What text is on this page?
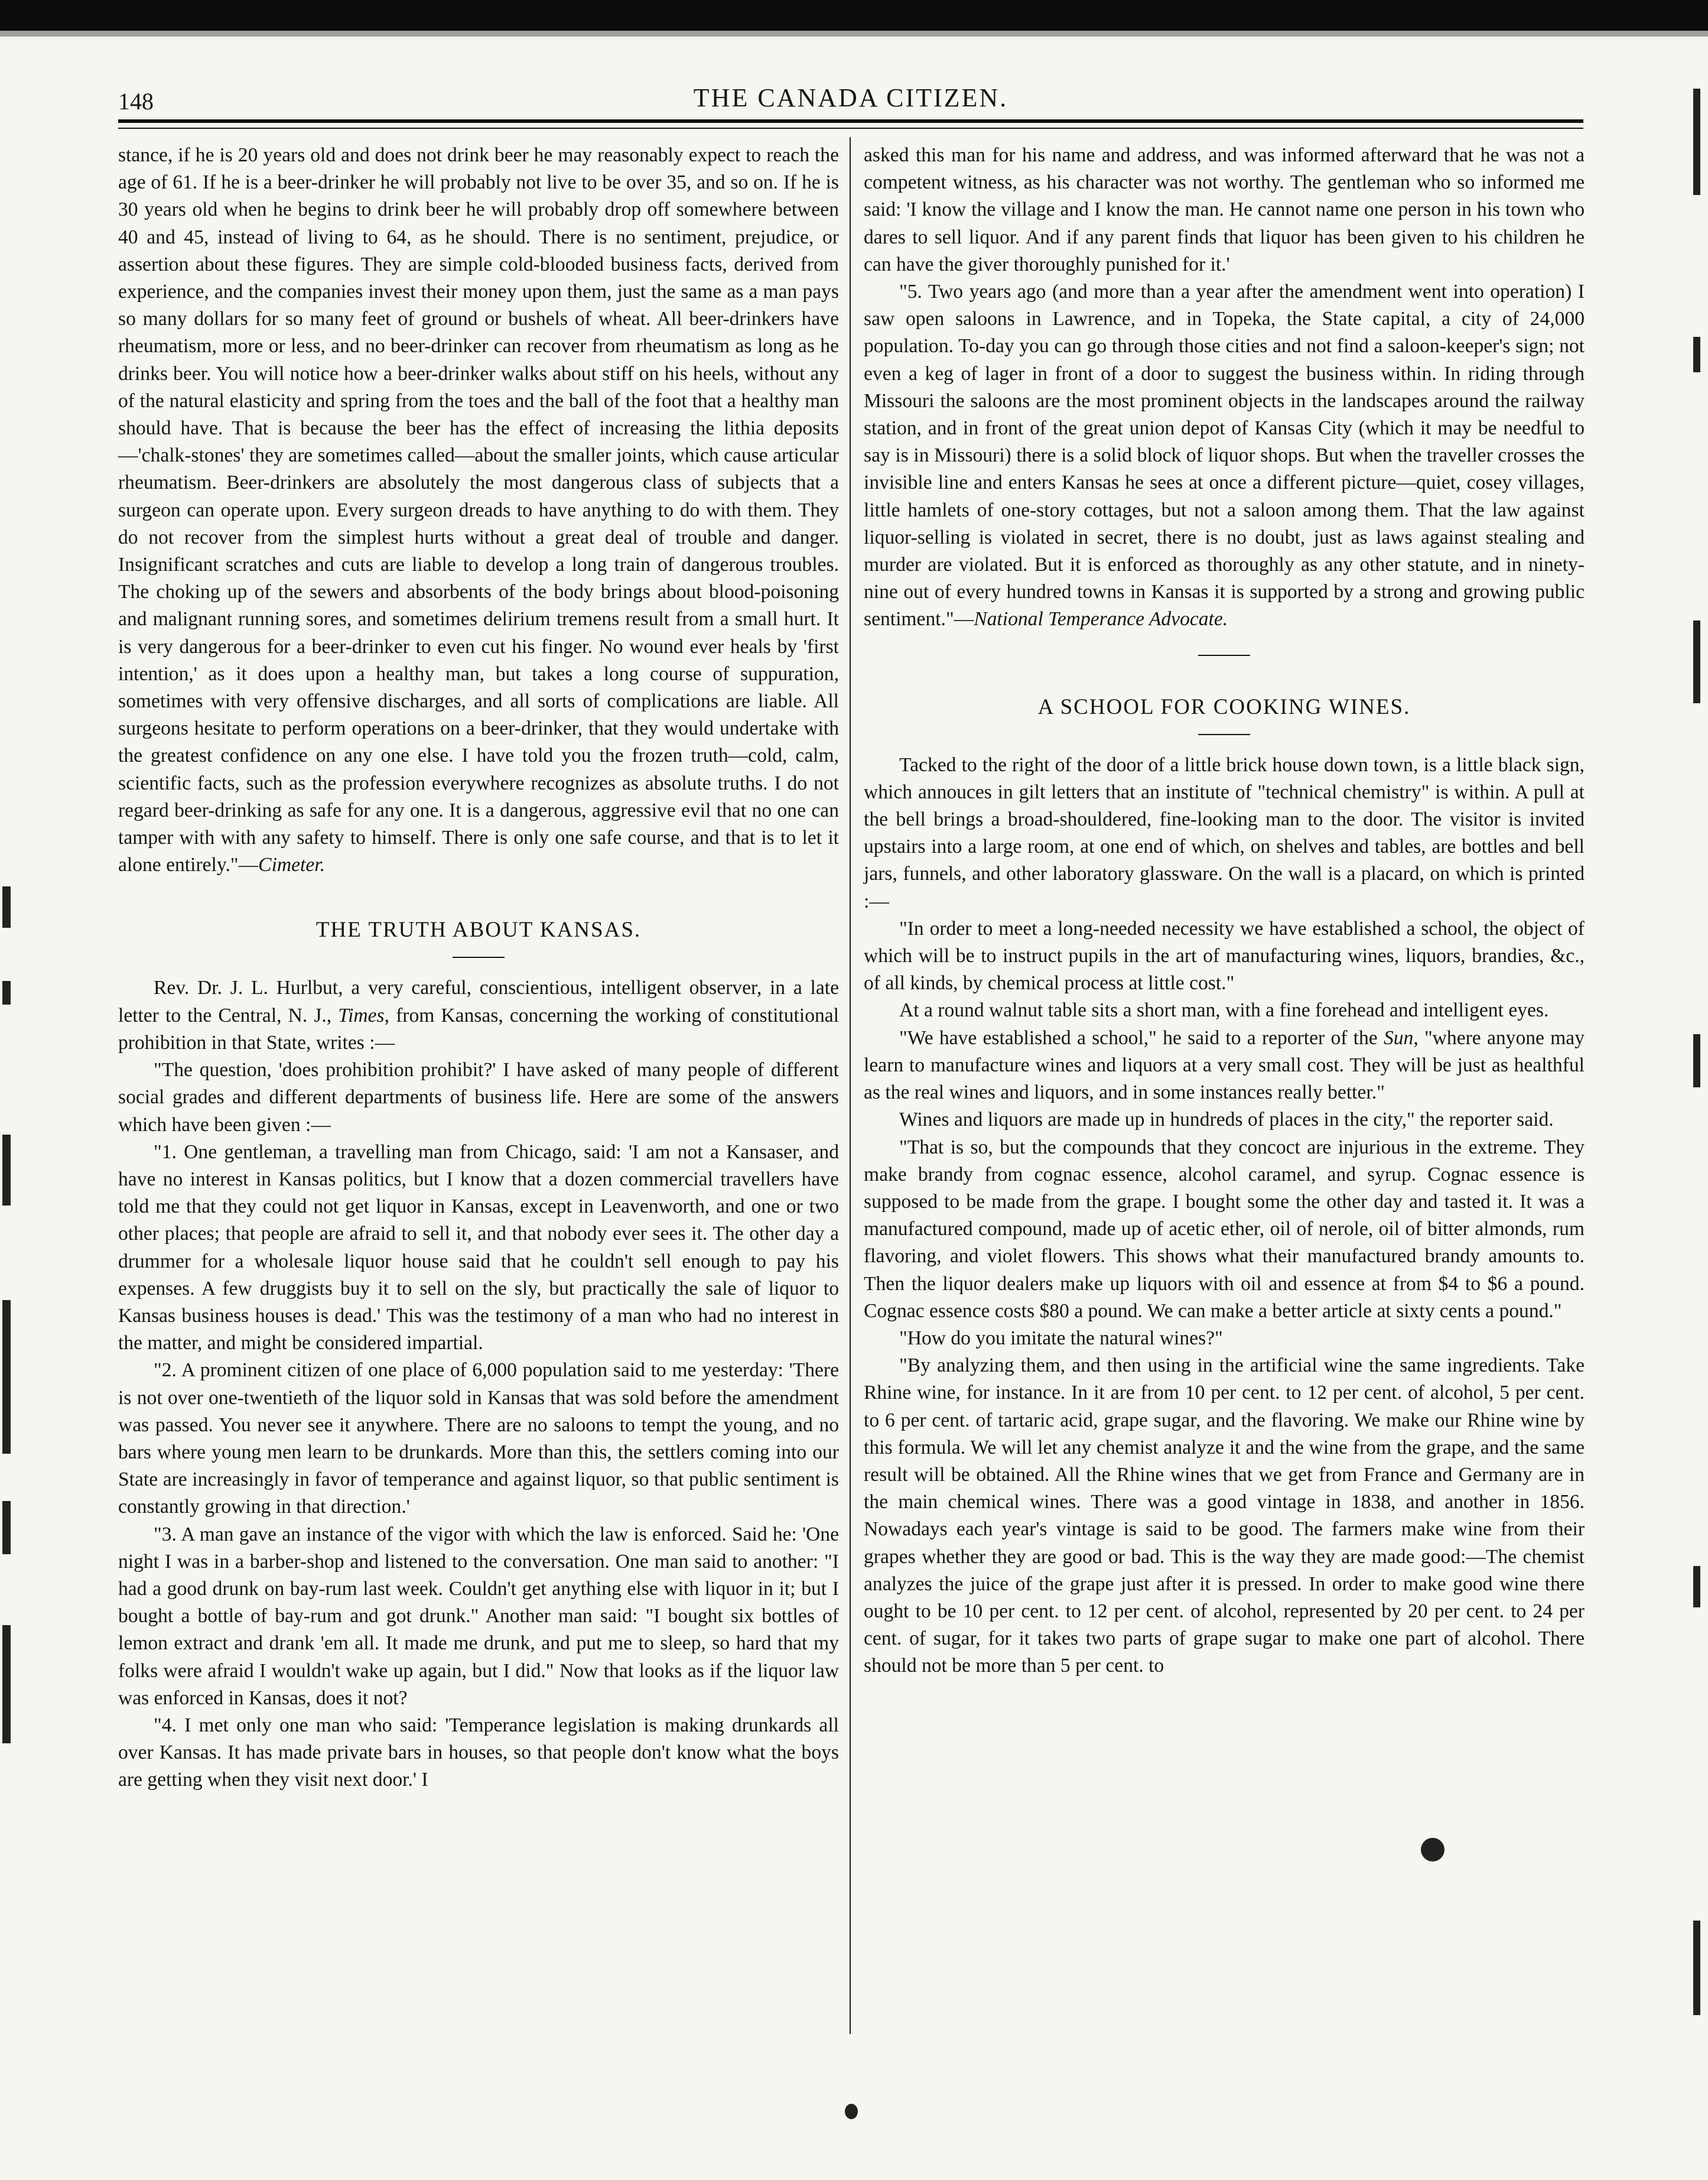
148	THE CANADA CITIZEN.

stance, if he is 20 years old and does not drink beer he may reasonably expect to reach the age of 61. If he is a beer-drinker he will probably not live to be over 35, and so on. If he is 30 years old when he begins to drink beer he will probably drop off somewhere between 40 and 45, instead of living to 64, as he should. There is no sentiment, prejudice, or assertion about these figures. They are simple cold-blooded business facts, derived from experience, and the companies invest their money upon them, just the same as a man pays so many dollars for so many feet of ground or bushels of wheat. All beer-drinkers have rheumatism, more or less, and no beer-drinker can recover from rheumatism as long as he drinks beer. You will notice how a beer-drinker walks about stiff on his heels, without any of the natural elasticity and spring from the toes and the ball of the foot that a healthy man should have. That is because the beer has the effect of increasing the lithia deposits—'chalk-stones' they are sometimes called—about the smaller joints, which cause articular rheumatism. Beer-drinkers are absolutely the most dangerous class of subjects that a surgeon can operate upon. Every surgeon dreads to have anything to do with them. They do not recover from the simplest hurts without a great deal of trouble and danger. Insignificant scratches and cuts are liable to develop a long train of dangerous troubles. The choking up of the sewers and absorbents of the body brings about blood-poisoning and malignant running sores, and sometimes delirium tremens result from a small hurt. It is very dangerous for a beer-drinker to even cut his finger. No wound ever heals by 'first intention,' as it does upon a healthy man, but takes a long course of suppuration, sometimes with very offensive discharges, and all sorts of complications are liable. All surgeons hesitate to perform operations on a beer-drinker, that they would undertake with the greatest confidence on any one else. I have told you the frozen truth—cold, calm, scientific facts, such as the profession everywhere recognizes as absolute truths. I do not regard beer-drinking as safe for any one. It is a dangerous, aggressive evil that no one can tamper with with any safety to himself. There is only one safe course, and that is to let it alone entirely."—Cimeter.

THE TRUTH ABOUT KANSAS.

Rev. Dr. J. L. Hurlbut, a very careful, conscientious, intelligent observer, in a late letter to the Central, N. J., Times, from Kansas, concerning the working of constitutional prohibition in that State, writes :—

"The question, 'does prohibition prohibit?' I have asked of many people of different social grades and different departments of business life. Here are some of the answers which have been given :—

"1. One gentleman, a travelling man from Chicago, said: 'I am not a Kansaser, and have no interest in Kansas politics, but I know that a dozen commercial travellers have told me that they could not get liquor in Kansas, except in Leavenworth, and one or two other places; that people are afraid to sell it, and that nobody ever sees it. The other day a drummer for a wholesale liquor house said that he couldn't sell enough to pay his expenses. A few druggists buy it to sell on the sly, but practically the sale of liquor to Kansas business houses is dead.' This was the testimony of a man who had no interest in the matter, and might be considered impartial.

"2. A prominent citizen of one place of 6,000 population said to me yesterday: 'There is not over one-twentieth of the liquor sold in Kansas that was sold before the amendment was passed. You never see it anywhere. There are no saloons to tempt the young, and no bars where young men learn to be drunkards. More than this, the settlers coming into our State are increasingly in favor of temperance and against liquor, so that public sentiment is constantly growing in that direction.'

"3. A man gave an instance of the vigor with which the law is enforced. Said he: 'One night I was in a barber-shop and listened to the conversation. One man said to another: "I had a good drunk on bay-rum last week. Couldn't get anything else with liquor in it; but I bought a bottle of bay-rum and got drunk." Another man said: "I bought six bottles of lemon extract and drank 'em all. It made me drunk, and put me to sleep, so hard that my folks were afraid I wouldn't wake up again, but I did." Now that looks as if the liquor law was enforced in Kansas, does it not?

"4. I met only one man who said: 'Temperance legislation is making drunkards all over Kansas. It has made private bars in houses, so that people don't know what the boys are getting when they visit next door.' I

asked this man for his name and address, and was informed afterward that he was not a competent witness, as his character was not worthy. The gentleman who so informed me said: 'I know the village and I know the man. He cannot name one person in his town who dares to sell liquor. And if any parent finds that liquor has been given to his children he can have the giver thoroughly punished for it.'

"5. Two years ago (and more than a year after the amendment went into operation) I saw open saloons in Lawrence, and in Topeka, the State capital, a city of 24,000 population. To-day you can go through those cities and not find a saloon-keeper's sign; not even a keg of lager in front of a door to suggest the business within. In riding through Missouri the saloons are the most prominent objects in the landscapes around the railway station, and in front of the great union depot of Kansas City (which it may be needful to say is in Missouri) there is a solid block of liquor shops. But when the traveller crosses the invisible line and enters Kansas he sees at once a different picture—quiet, cosey villages, little hamlets of one-story cottages, but not a saloon among them. That the law against liquor-selling is violated in secret, there is no doubt, just as laws against stealing and murder are violated. But it is enforced as thoroughly as any other statute, and in ninety-nine out of every hundred towns in Kansas it is supported by a strong and growing public sentiment."—National Temperance Advocate.

A SCHOOL FOR COOKING WINES.

Tacked to the right of the door of a little brick house down town, is a little black sign, which annouces in gilt letters that an institute of "technical chemistry" is within. A pull at the bell brings a broad-shouldered, fine-looking man to the door. The visitor is invited upstairs into a large room, at one end of which, on shelves and tables, are bottles and bell jars, funnels, and other laboratory glassware. On the wall is a placard, on which is printed :—

"In order to meet a long-needed necessity we have established a school, the object of which will be to instruct pupils in the art of manufacturing wines, liquors, brandies, &c., of all kinds, by chemical process at little cost."

At a round walnut table sits a short man, with a fine forehead and intelligent eyes.

"We have established a school," he said to a reporter of the Sun, "where anyone may learn to manufacture wines and liquors at a very small cost. They will be just as healthful as the real wines and liquors, and in some instances really better."

Wines and liquors are made up in hundreds of places in the city," the reporter said.

"That is so, but the compounds that they concoct are injurious in the extreme. They make brandy from cognac essence, alcohol caramel, and syrup. Cognac essence is supposed to be made from the grape. I bought some the other day and tasted it. It was a manufactured compound, made up of acetic ether, oil of nerole, oil of bitter almonds, rum flavoring, and violet flowers. This shows what their manufactured brandy amounts to. Then the liquor dealers make up liquors with oil and essence at from $4 to $6 a pound. Cognac essence costs $80 a pound. We can make a better article at sixty cents a pound."

"How do you imitate the natural wines?"

"By analyzing them, and then using in the artificial wine the same ingredients. Take Rhine wine, for instance. In it are from 10 per cent. to 12 per cent. of alcohol, 5 per cent. to 6 per cent. of tartaric acid, grape sugar, and the flavoring. We make our Rhine wine by this formula. We will let any chemist analyze it and the wine from the grape, and the same result will be obtained. All the Rhine wines that we get from France and Germany are in the main chemical wines. There was a good vintage in 1838, and another in 1856. Nowadays each year's vintage is said to be good. The farmers make wine from their grapes whether they are good or bad. This is the way they are made good:—The chemist analyzes the juice of the grape just after it is pressed. In order to make good wine there ought to be 10 per cent. to 12 per cent. of alcohol, represented by 20 per cent. to 24 per cent. of sugar, for it takes two parts of grape sugar to make one part of alcohol. There should not be more than 5 per cent. to
